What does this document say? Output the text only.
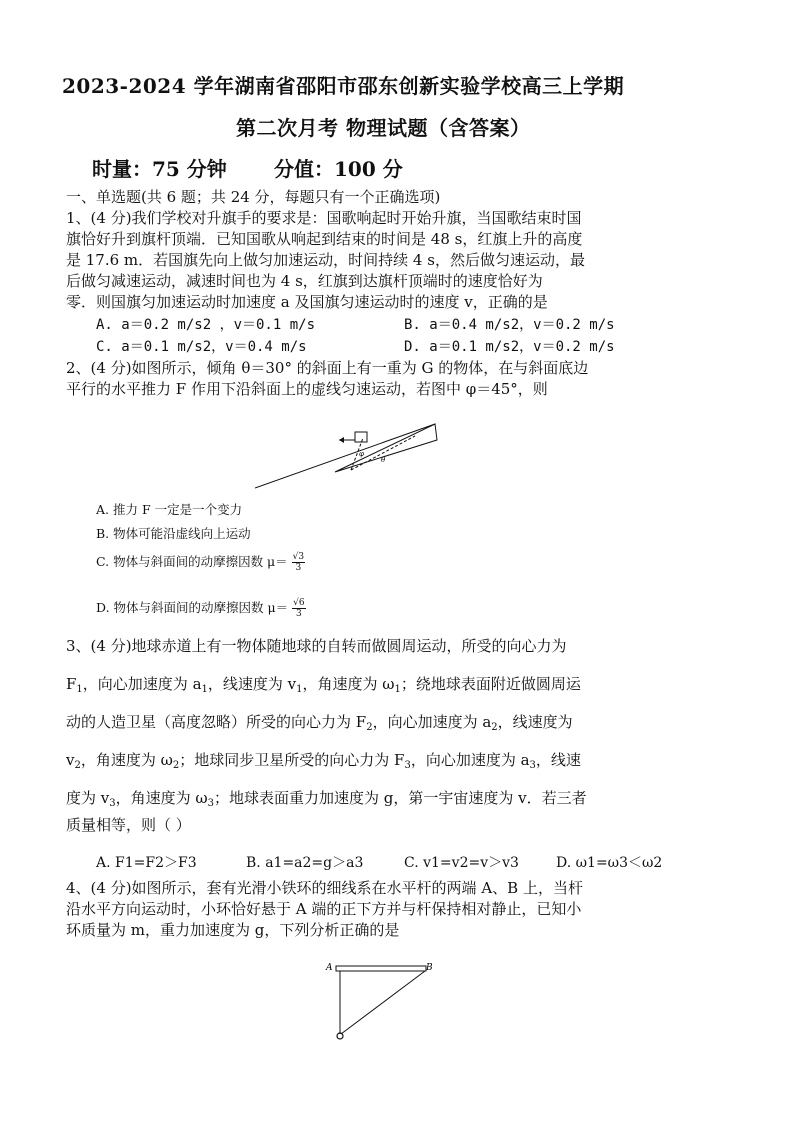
2023-2024 学年湖南省邵阳市邵东创新实验学校高三上学期
第二次月考 物理试题（含答案）
时量：75 分钟 分值：100 分
一、单选题(共 6 题；共 24 分，每题只有一个正确选项)
1、(4 分)我们学校对升旗手的要求是：国歌响起时开始升旗，当国歌结束时国
旗恰好升到旗杆顶端．已知国歌从响起到结束的时间是 48 s，红旗上升的高度
是 17.6 m．若国旗先向上做匀加速运动，时间持续 4 s，然后做匀速运动，最
后做匀减速运动，减速时间也为 4 s，红旗到达旗杆顶端时的速度恰好为
零．则国旗匀加速运动时加速度 a 及国旗匀速运动时的速度 v，正确的是
A. a＝0.2 m/s2 ，v＝0.1 m/s	B. a＝0.4 m/s2，v＝0.2 m/s
C. a＝0.1 m/s2，v＝0.4 m/s	D. a＝0.1 m/s2，v＝0.2 m/s
2、(4 分)如图所示，倾角 θ＝30° 的斜面上有一重为 G 的物体，在与斜面底边
平行的水平推力 F 作用下沿斜面上的虚线匀速运动，若图中 φ＝45°，则
φ
θ
A. 推力 F 一定是一个变力
B. 物体可能沿虚线向上运动
C. 物体与斜面间的动摩擦因数 $\mu= \frac{√3}{3}$
D. 物体与斜面间的动摩擦因数 $\mu= \frac{√6}{3}$
3、(4 分)地球赤道上有一物体随地球的自转而做圆周运动，所受的向心力为
$F_1$，向心加速度为 $a_1$，线速度为 $v_1$，角速度为 $\omega_1$；绕地球表面附近做圆周运
动的人造卫星（高度忽略）所受的向心力为 $F_2$，向心加速度为 $a_2$，线速度为
$v_2$，角速度为 $\omega_2$；地球同步卫星所受的向心力为 $F_3$，向心加速度为 $a_3$，线速
度为 $v_3$，角速度为 $\omega_3$；地球表面重力加速度为 g，第一宇宙速度为 v．若三者
质量相等，则（ ）
A. F1=F2＞F3	B. a1=a2=g＞a3	C. v1=v2=v＞v3	D. ω1=ω3＜ω2
4、(4 分)如图所示，套有光滑小铁环的细线系在水平杆的两端 A、B 上，当杆
沿水平方向运动时，小环恰好悬于 A 端的正下方并与杆保持相对静止，已知小
环质量为 m，重力加速度为 g，下列分析正确的是
A	B
